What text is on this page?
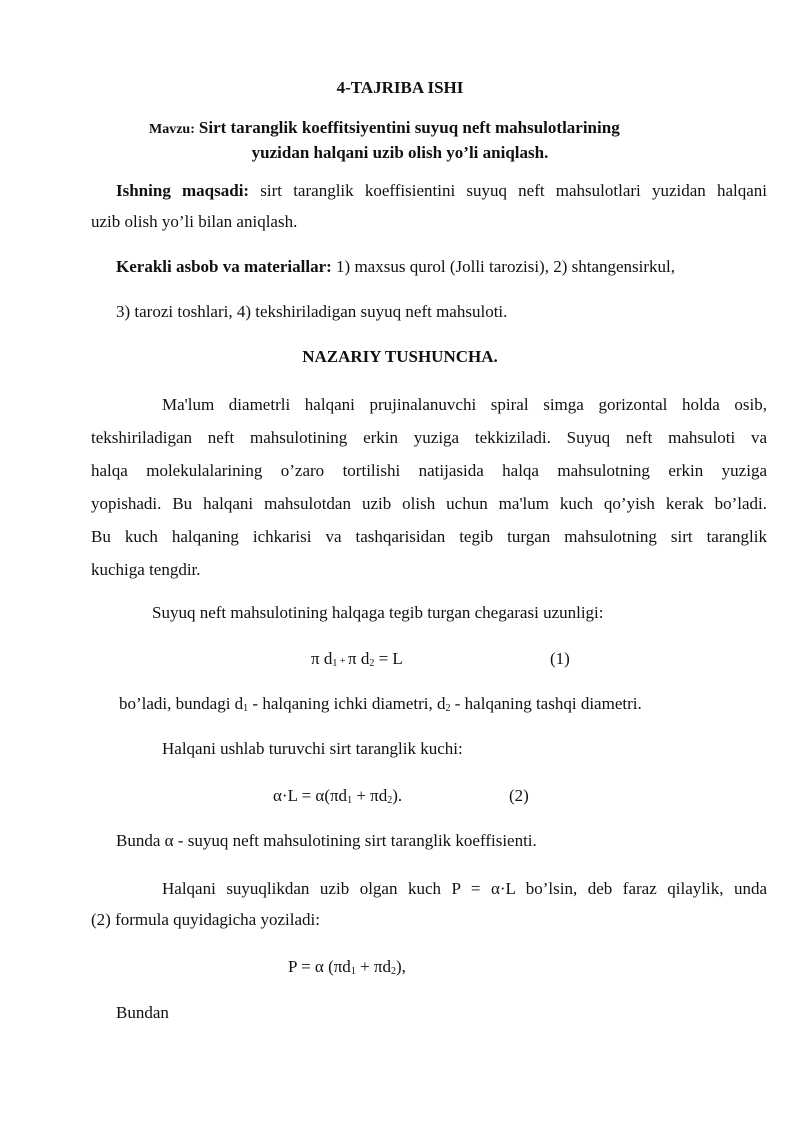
4-TAJRIBA ISHI
Mavzu: Sirt taranglik koeffitsiyentini suyuq neft mahsulotlarining
yuzidan halqani uzib olish yo’li aniqlash.
Ishning maqsadi: sirt taranglik koeffisientini suyuq neft mahsulotlari yuzidan halqani
uzib olish yo’li bilan aniqlash.
Kerakli asbob va materiallar: 1) maxsus qurol (Jolli tarozisi), 2) shtangensirkul,
3) tarozi toshlari, 4) tekshiriladigan suyuq neft mahsuloti.
NAZARIY TUSHUNCHA.
Ma'lum diametrli halqani prujinalanuvchi spiral simga gorizontal holda osib,
tekshiriladigan neft mahsulotining erkin yuziga tekkiziladi. Suyuq neft mahsuloti va
halqa molekulalarining o’zaro tortilishi natijasida halqa mahsulotning erkin yuziga
yopishadi. Bu halqani mahsulotdan uzib olish uchun ma'lum kuch qo’yish kerak bo’ladi.
Bu kuch halqaning ichkarisi va tashqarisidan tegib turgan mahsulotning sirt taranglik
kuchiga tengdir.
Suyuq neft mahsulotining halqaga tegib turgan chegarasi uzunligi:
π $d_1 + \pi$ $d_2 = L$	(1)
bo’ladi, bundagi $d_1$ - halqaning ichki diametri, $d_2$ - halqaning tashqi diametri.
Halqani ushlab turuvchi sirt taranglik kuchi:
$\alpha\cdot L = \alpha(\pi d_1 + \pi d_2)$.	(2)
Bunda α - suyuq neft mahsulotining sirt taranglik koeffisienti.
Halqani suyuqlikdan uzib olgan kuch P = α·L bo’lsin, deb faraz qilaylik, unda
(2) formula quyidagicha yoziladi:
P = α $(\pi d_1 + \pi d_2)$,
Bundan
